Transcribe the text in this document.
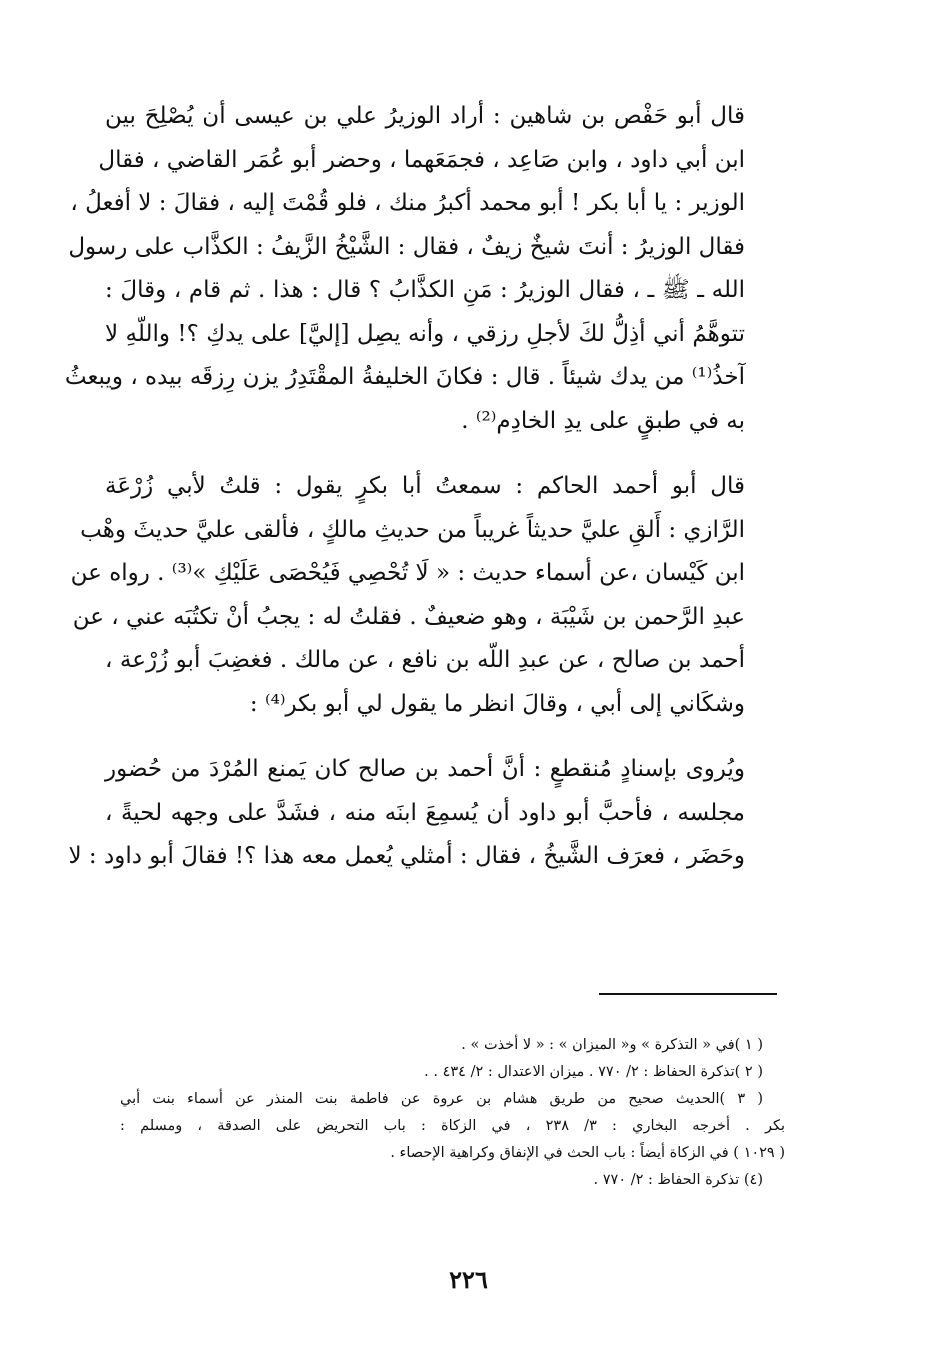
قال أبو حَفْص بن شاهين : أراد الوزيرُ علي بن عيسى أن يُصْلِحَ بين
ابن أبي داود ، وابن صَاعِد ، فجمَعَهما ، وحضر أبو عُمَر القاضي ، فقال
الوزير : يا أبا بكر ! أبو محمد أكبرُ منك ، فلو قُمْتَ إليه ، فقالَ : لا أفعلُ ،
فقال الوزيرُ : أنتَ شيخٌ زيفٌ ، فقال : الشَّيْخُ الزَّيفُ : الكذَّاب على رسول
الله ـ ﷺ ـ ، فقال الوزيرُ : مَنِ الكذَّابُ ؟ قال : هذا . ثم قام ، وقالَ :
تتوهَّمُ أني أذِلُّ لكَ لأجلِ رزقي ، وأنه يصِل [إليَّ] على يدكِ ؟! واللّهِ لا
آخذُ⁽¹⁾ من يدك شيئاً . قال : فكانَ الخليفةُ المقْتَدِرُ يزن رِزقَه بيده ، ويبعثُ
به في طبقٍ على يدِ الخادِم⁽²⁾ .

قال أبو أحمد الحاكم : سمعتُ أبا بكرٍ يقول : قلتُ لأبي زُرْعَة
الرَّازي : أَلقِ عليَّ حديثاً غريباً من حديثِ مالكٍ ، فألقى عليَّ حديثَ وهْب
ابن كَيْسان ،عن أسماء حديث : « لَا تُحْصِي فَيُحْصَى عَلَيْكِ »⁽³⁾ . رواه عن
عبدِ الرَّحمن بن شَيْبَة ، وهو ضعيفٌ . فقلتُ له : يجبُ أنْ تكتُبَه عني ، عن
أحمد بن صالح ، عن عبدِ اللّه بن نافع ، عن مالك . فغضِبَ أبو زُرْعة ،
وشكَاني إلى أبي ، وقالَ انظر ما يقول لي أبو بكر⁽⁴⁾ :

ويُروى بإسنادٍ مُنقطعٍ : أنَّ أحمد بن صالح كان يَمنع المُرْدَ من حُضور
مجلسه ، فأحبَّ أبو داود أن يُسمِعَ ابنَه منه ، فشَدَّ على وجهه لحيةً ،
وحَضَر ، فعرَف الشَّيخُ ، فقال : أمثلي يُعمل معه هذا ؟! فقالَ أبو داود : لا

( ١ )في « التذكرة » و« الميزان » : « لا أخذت » .
( ٢ )تذكرة الحفاظ : ٢/ ٧٧٠ . ميزان الاعتدال : ٢/ ٤٣٤ . .
( ٣ )الحديث صحيح من طريق هشام بن عروة عن فاطمة بنت المنذر عن أسماء بنت أبي
بكر . أخرجه البخاري : ٣/ ٢٣٨ ، في الزكاة : باب التحريض على الصدقة ، ومسلم :
( ١٠٢٩ ) في الزكاة أيضاً : باب الحث في الإنفاق وكراهية الإحصاء .
(٤) تذكرة الحفاظ : ٢/ ٧٧٠ .
٢٢٦
